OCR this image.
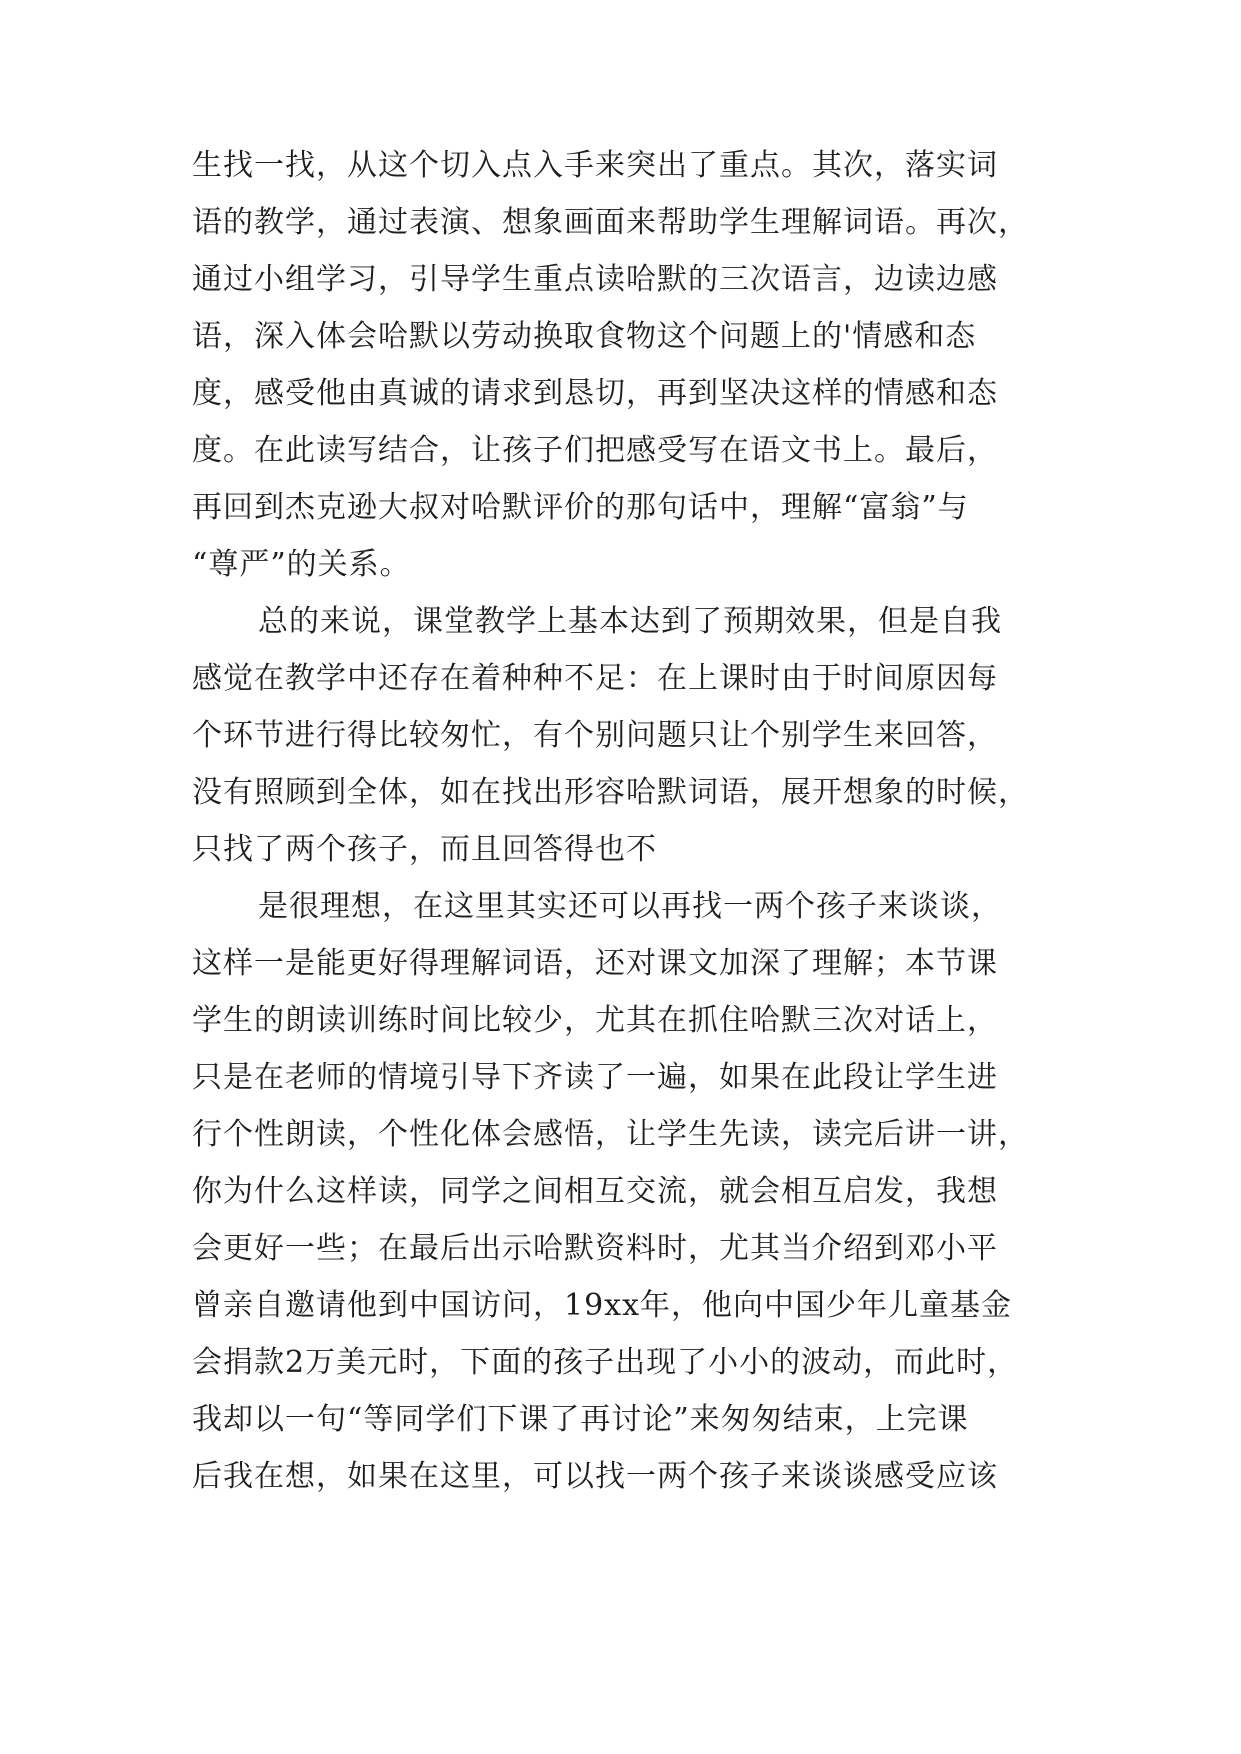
生找一找，从这个切入点入手来突出了重点。其次，落实词
语的教学，通过表演、想象画面来帮助学生理解词语。再次，
通过小组学习，引导学生重点读哈默的三次语言，边读边感
语，深入体会哈默以劳动换取食物这个问题上的'情感和态
度，感受他由真诚的请求到恳切，再到坚决这样的情感和态
度。在此读写结合，让孩子们把感受写在语文书上。最后，
再回到杰克逊大叔对哈默评价的那句话中，理解“富翁”与
“尊严”的关系。
总的来说，课堂教学上基本达到了预期效果，但是自我
感觉在教学中还存在着种种不足：在上课时由于时间原因每
个环节进行得比较匆忙，有个别问题只让个别学生来回答，
没有照顾到全体，如在找出形容哈默词语，展开想象的时候，
只找了两个孩子，而且回答得也不
是很理想，在这里其实还可以再找一两个孩子来谈谈，
这样一是能更好得理解词语，还对课文加深了理解；本节课
学生的朗读训练时间比较少，尤其在抓住哈默三次对话上，
只是在老师的情境引导下齐读了一遍，如果在此段让学生进
行个性朗读，个性化体会感悟，让学生先读，读完后讲一讲，
你为什么这样读，同学之间相互交流，就会相互启发，我想
会更好一些；在最后出示哈默资料时，尤其当介绍到邓小平
曾亲自邀请他到中国访问，19xx年，他向中国少年儿童基金
会捐款2万美元时，下面的孩子出现了小小的波动，而此时，
我却以一句“等同学们下课了再讨论”来匆匆结束，上完课
后我在想，如果在这里，可以找一两个孩子来谈谈感受应该
